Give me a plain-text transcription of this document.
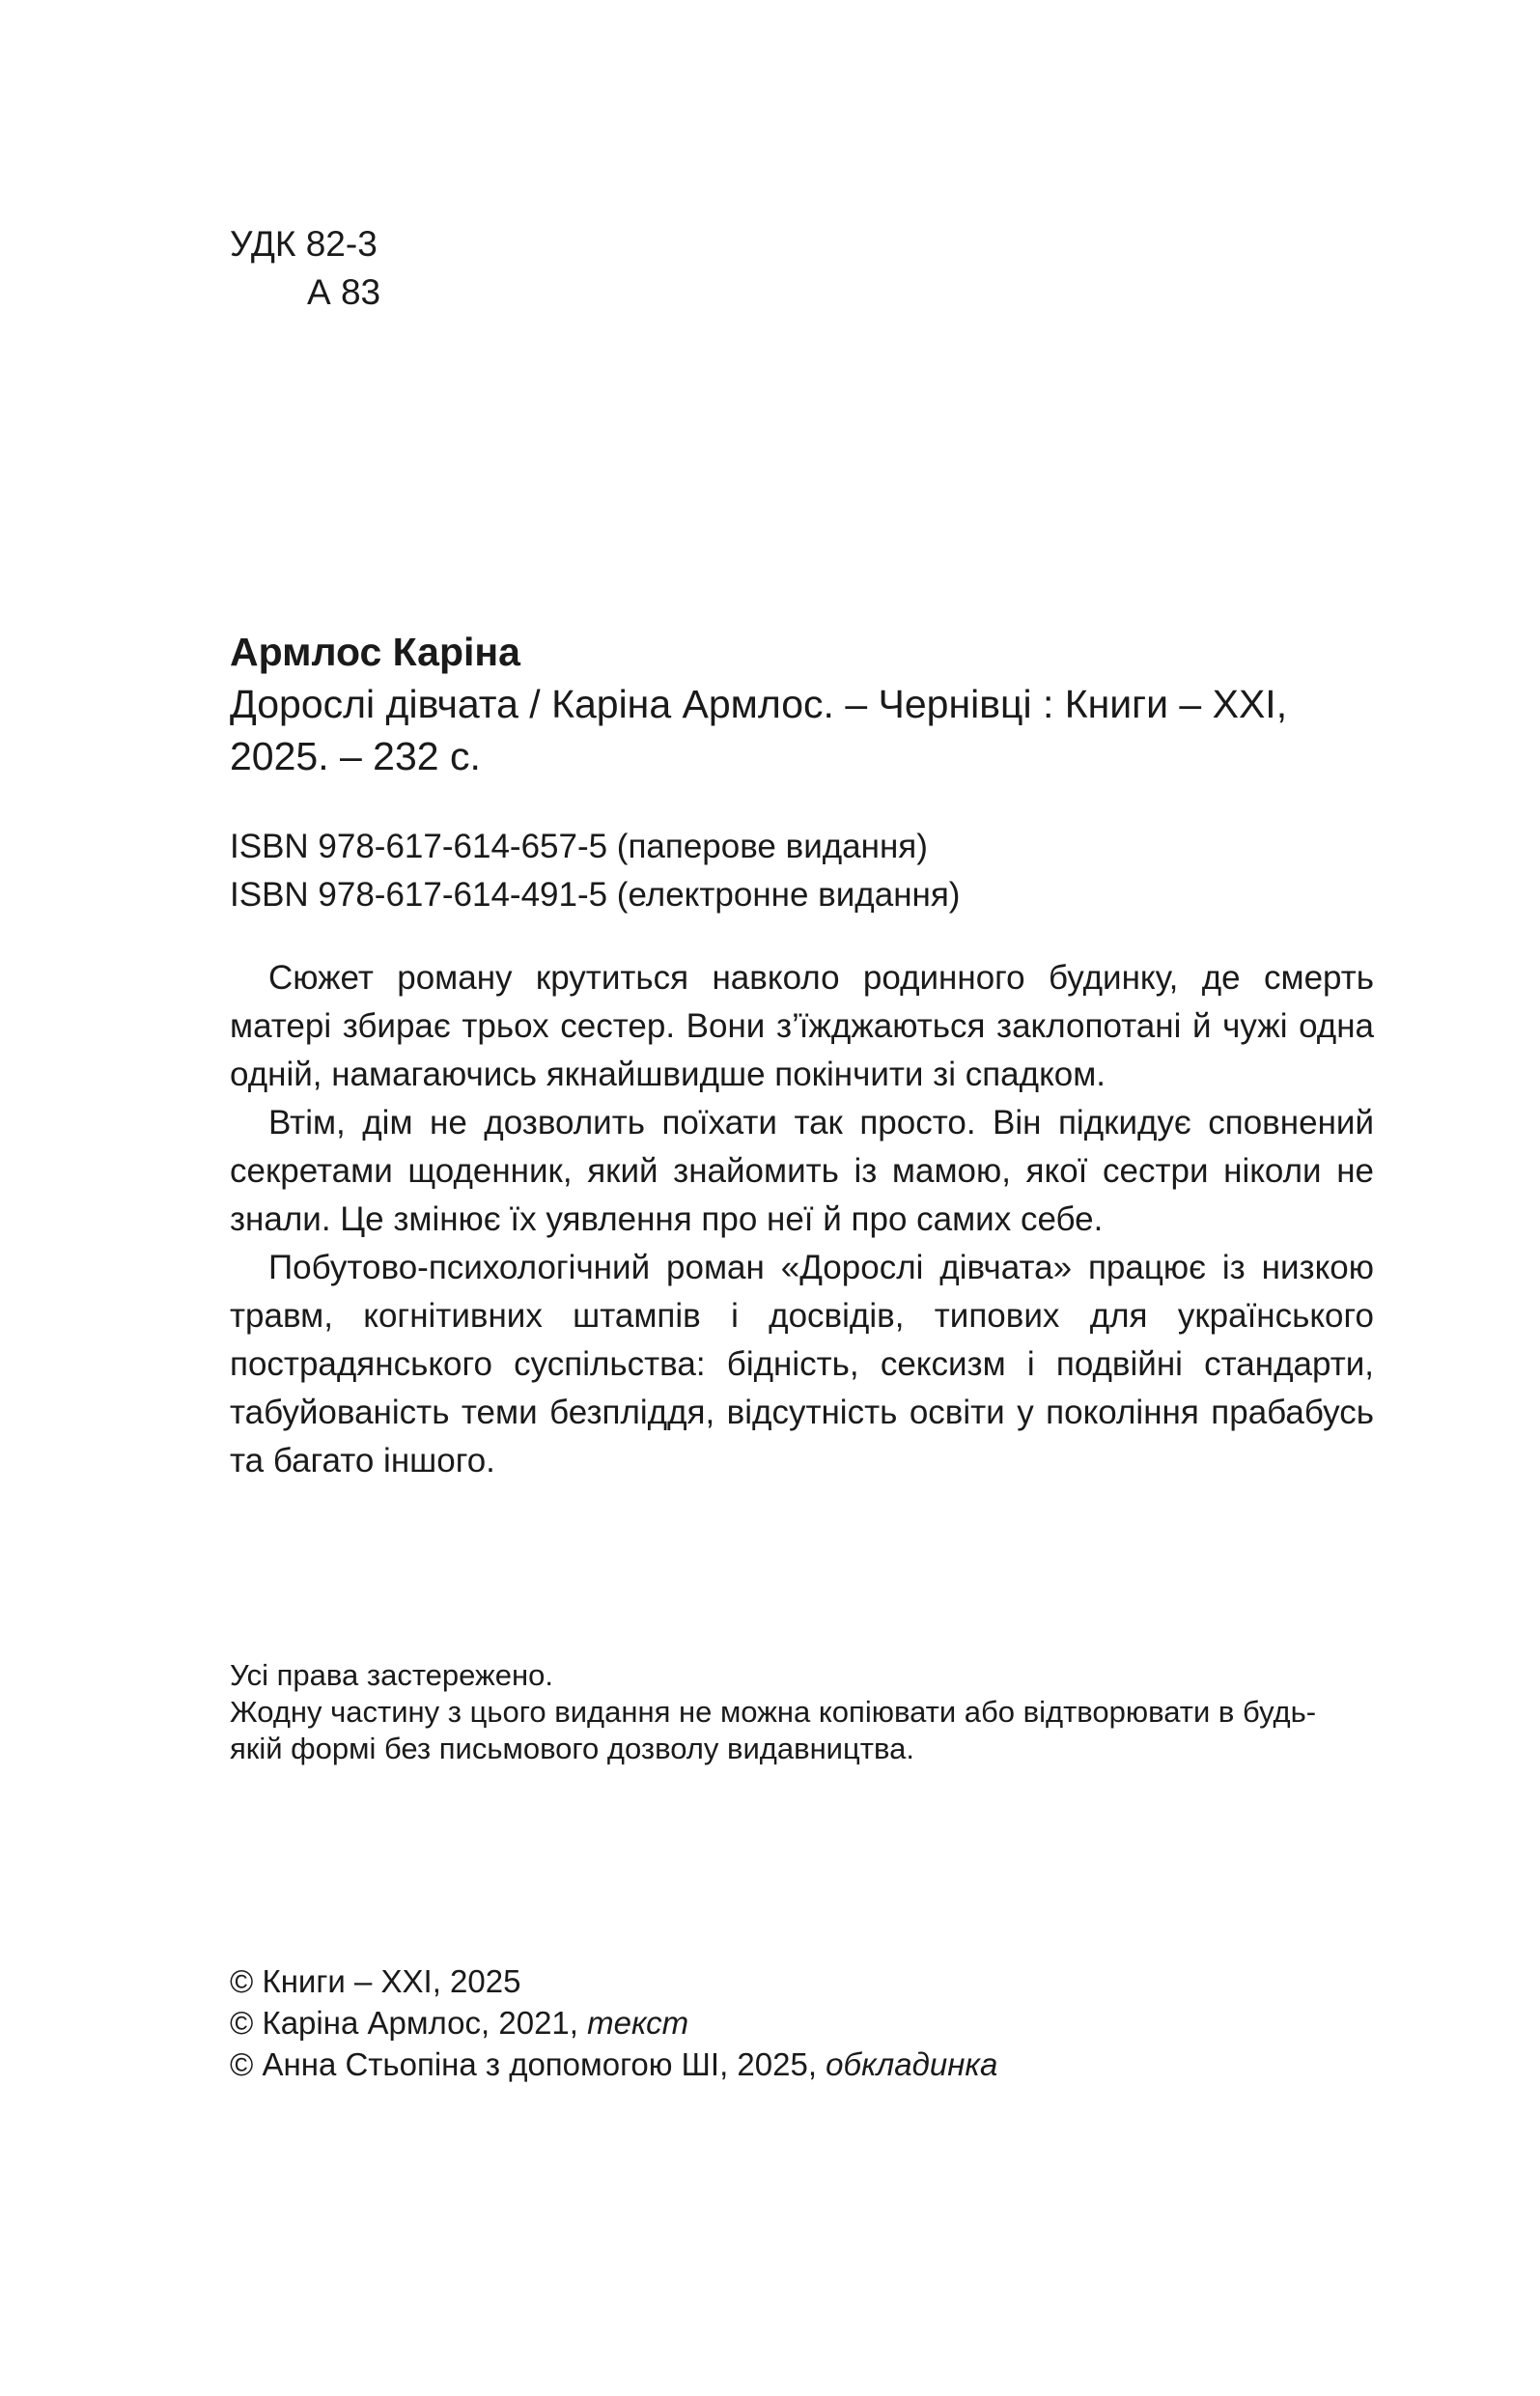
УДК 82-3
А 83
Армлос Каріна
Дорослі дівчата / Каріна Армлос. – Чернівці : Книги – ХХІ,
2025. – 232 с.
ISBN 978-617-614-657-5 (паперове видання)
ISBN 978-617-614-491-5 (електронне видання)

Сюжет роману крутиться навколо родинного будинку, де смерть матері збирає трьох сестер. Вони з’їжджаються заклопотані й чужі одна одній, намагаючись якнайшвидше покінчити зі спадком.

Втім, дім не дозволить поїхати так просто. Він підкидує сповнений секретами щоденник, який знайомить із мамою, якої сестри ніколи не знали. Це змінює їх уявлення про неї й про самих себе.

Побутово-психологічний роман «Дорослі дівчата» працює із низкою травм, когнітивних штампів і досвідів, типових для українського пострадянського суспільства: бідність, сексизм і подвійні стандарти, табуйованість теми безпліддя, відсутність освіти у покоління прабабусь та багато іншого.

Усі права застережено.

Жодну частину з цього видання не можна копіювати або відтворювати в будь-

якій формі без письмового дозволу видавництва.

© Книги – ХХІ, 2025
© Каріна Армлос, 2021, текст
© Анна Стьопіна з допомогою ШІ, 2025, обкладинка
